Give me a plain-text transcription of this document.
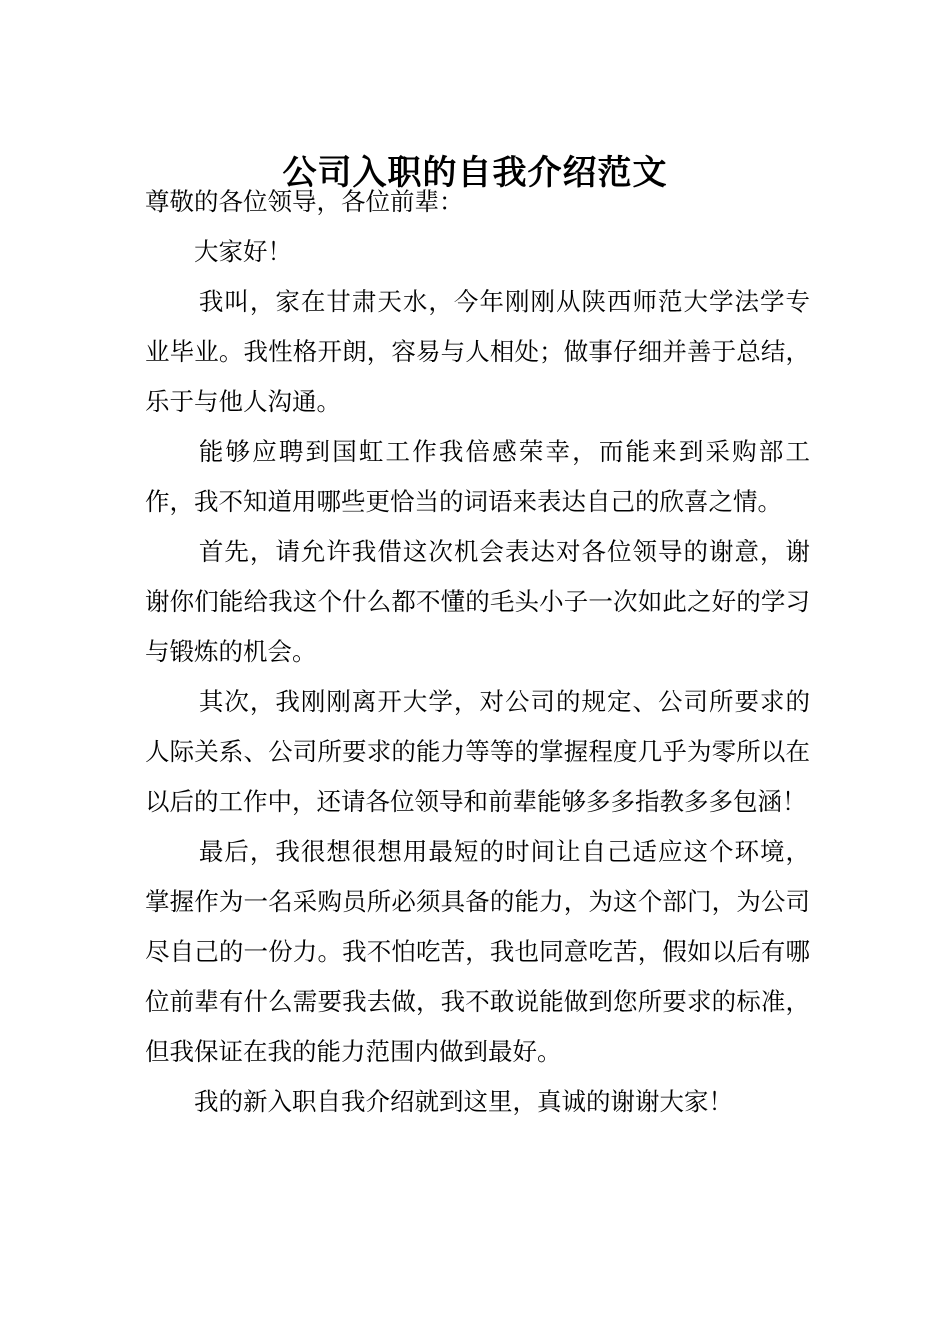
公司入职的自我介绍范文

尊敬的各位领导，各位前辈：

大家好！

我叫，家在甘肃天水，今年刚刚从陕西师范大学法学专业毕业。我性格开朗，容易与人相处；做事仔细并善于总结，乐于与他人沟通。

能够应聘到国虹工作我倍感荣幸，而能来到采购部工作，我不知道用哪些更恰当的词语来表达自己的欣喜之情。

首先，请允许我借这次机会表达对各位领导的谢意，谢谢你们能给我这个什么都不懂的毛头小子一次如此之好的学习与锻炼的机会。

其次，我刚刚离开大学，对公司的规定、公司所要求的人际关系、公司所要求的能力等等的掌握程度几乎为零所以在以后的工作中，还请各位领导和前辈能够多多指教多多包涵！

最后，我很想很想用最短的时间让自己适应这个环境，掌握作为一名采购员所必须具备的能力，为这个部门，为公司尽自己的一份力。我不怕吃苦，我也同意吃苦，假如以后有哪位前辈有什么需要我去做，我不敢说能做到您所要求的标准，但我保证在我的能力范围内做到最好。

我的新入职自我介绍就到这里，真诚的谢谢大家！
